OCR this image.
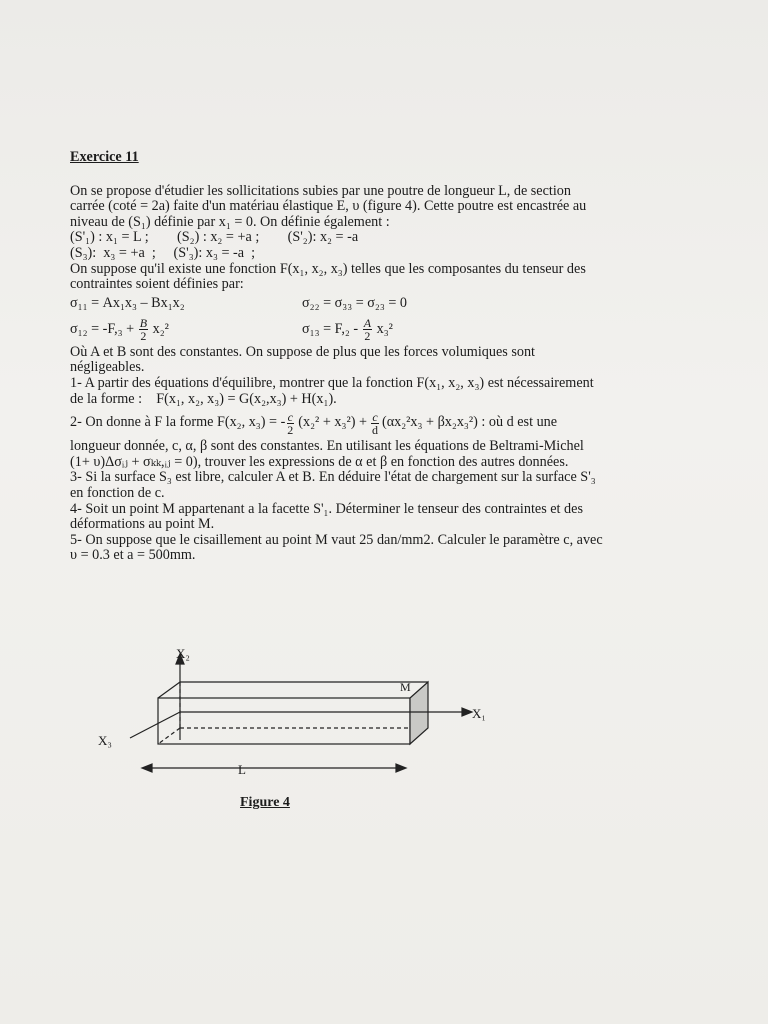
Exercice 11
On se propose d'étudier les sollicitations subies par une poutre de longueur L, de section
carrée (coté = 2a) faite d'un matériau élastique E, υ (figure 4). Cette poutre est encastrée au
niveau de (S₁) définie par x₁ = 0. On définie également :
(S'₁) : x₁ = L ;        (S₂) : x₂ = +a ;        (S'₂): x₂ = -a
(S₃):  x₃ = +a  ;     (S'₃): x₃ = -a  ;
On suppose qu'il existe une fonction F(x₁, x₂, x₃) telles que les composantes du tenseur des
contraintes soient définies par:
σ₁₁ = Ax₁x₃ – Bx₁x₂	σ₂₂ = σ₃₃ = σ₂₃ = 0
$\sigma_{12} = -F,_3 + \frac{B}{2} x_2^2$	$\sigma_{13} = F,_2 - \frac{A}{2} x_3^2$
Où A et B sont des constantes. On suppose de plus que les forces volumiques sont
négligeables.
1- A partir des équations d'équilibre, montrer que la fonction F(x₁, x₂, x₃) est nécessairement
de la forme :    F(x₁, x₂, x₃) = G(x₂,x₃) + H(x₁).
2- On donne à F la forme F(x₂, x₃) = - $\frac{c}{2} (x_2^2 + x_3^2) + \frac{c}{d} (\alpha x_2^2x_3 + \beta x_2x_3^2)$ : où d est une
longueur donnée, c, α, β sont des constantes. En utilisant les équations de Beltrami-Michel
(1+ υ)Δσᵢⱼ + σₖₖ,ᵢⱼ = 0), trouver les expressions de α et β en fonction des autres données.
3- Si la surface S₃ est libre, calculer A et B. En déduire l'état de chargement sur la surface S'₃
en fonction de c.
4- Soit un point M appartenant a la facette S'₁. Déterminer le tenseur des contraintes et des
déformations au point M.
5- On suppose que le cisaillement au point M vaut 25 dan/mm2. Calculer le paramètre c, avec
υ = 0.3 et a = 500mm.
X₂
X₁
X₃
L
M
Figure 4
